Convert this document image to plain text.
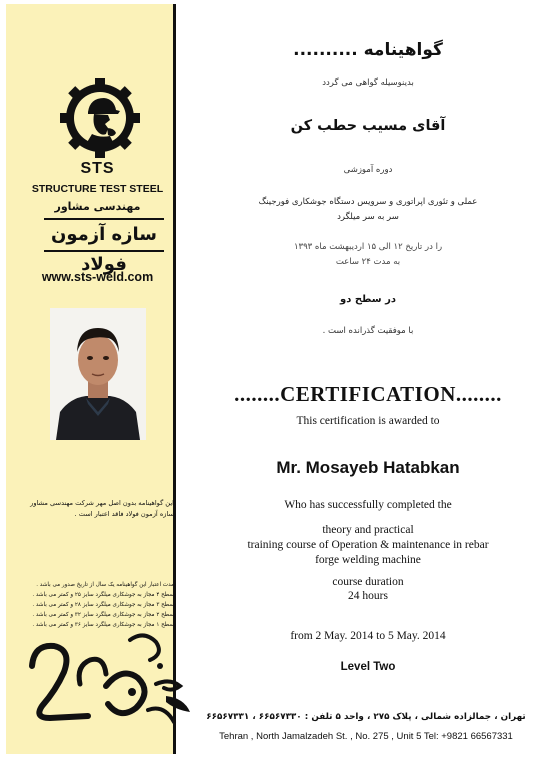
STS
STRUCTURE TEST STEEL
مهندسی مشاور
سازه آزمون فولاد
www.sts-weld.com
این گواهینامه بدون اصل مهر شرکت مهندسی مشاور سازه آزمون فولاد فاقد اعتبار است .
مدت اعتبار این گواهینامه یک سال از تاریخ صدور می باشد .
سطح ۴ مجاز به جوشکاری میلگرد سایز ۲۵ و کمتر می باشد .
سطح ۳ مجاز به جوشکاری میلگرد سایز ۲۸ و کمتر می باشد .
سطح ۲ مجاز به جوشکاری میلگرد سایز ۳۲ و کمتر می باشد .
سطح ۱ مجاز به جوشکاری میلگرد سایز ۳۶ و کمتر می باشد .
گواهینامه ..........
بدینوسیله گواهی می گردد
آقای مسیب حطب کن
دوره آموزشی
عملی و تئوری اپراتوری و سرویس دستگاه جوشکاری فورجینگ
سر به سر میلگرد
را در تاریخ ۱۲ الی ۱۵ اردیبهشت ماه ۱۳۹۳
به مدت ۲۴ ساعت
در سطح دو
با موفقیت گذرانده است .
........CERTIFICATION........
This certification is awarded to
Mr. Mosayeb Hatabkan
Who has successfully completed the
theory and practical
training course of Operation & maintenance in rebar
forge welding machine
course duration
24 hours
from 2 May. 2014 to 5 May. 2014
Level Two
تهران ، جمالزاده شمالی ، پلاک ۲۷۵ ، واحد ۵ تلفن : ۶۶۵۶۷۳۳۰ ، ۶۶۵۶۷۳۳۱
Tehran , North Jamalzadeh St. , No. 275 , Unit 5 Tel: +9821 66567331
